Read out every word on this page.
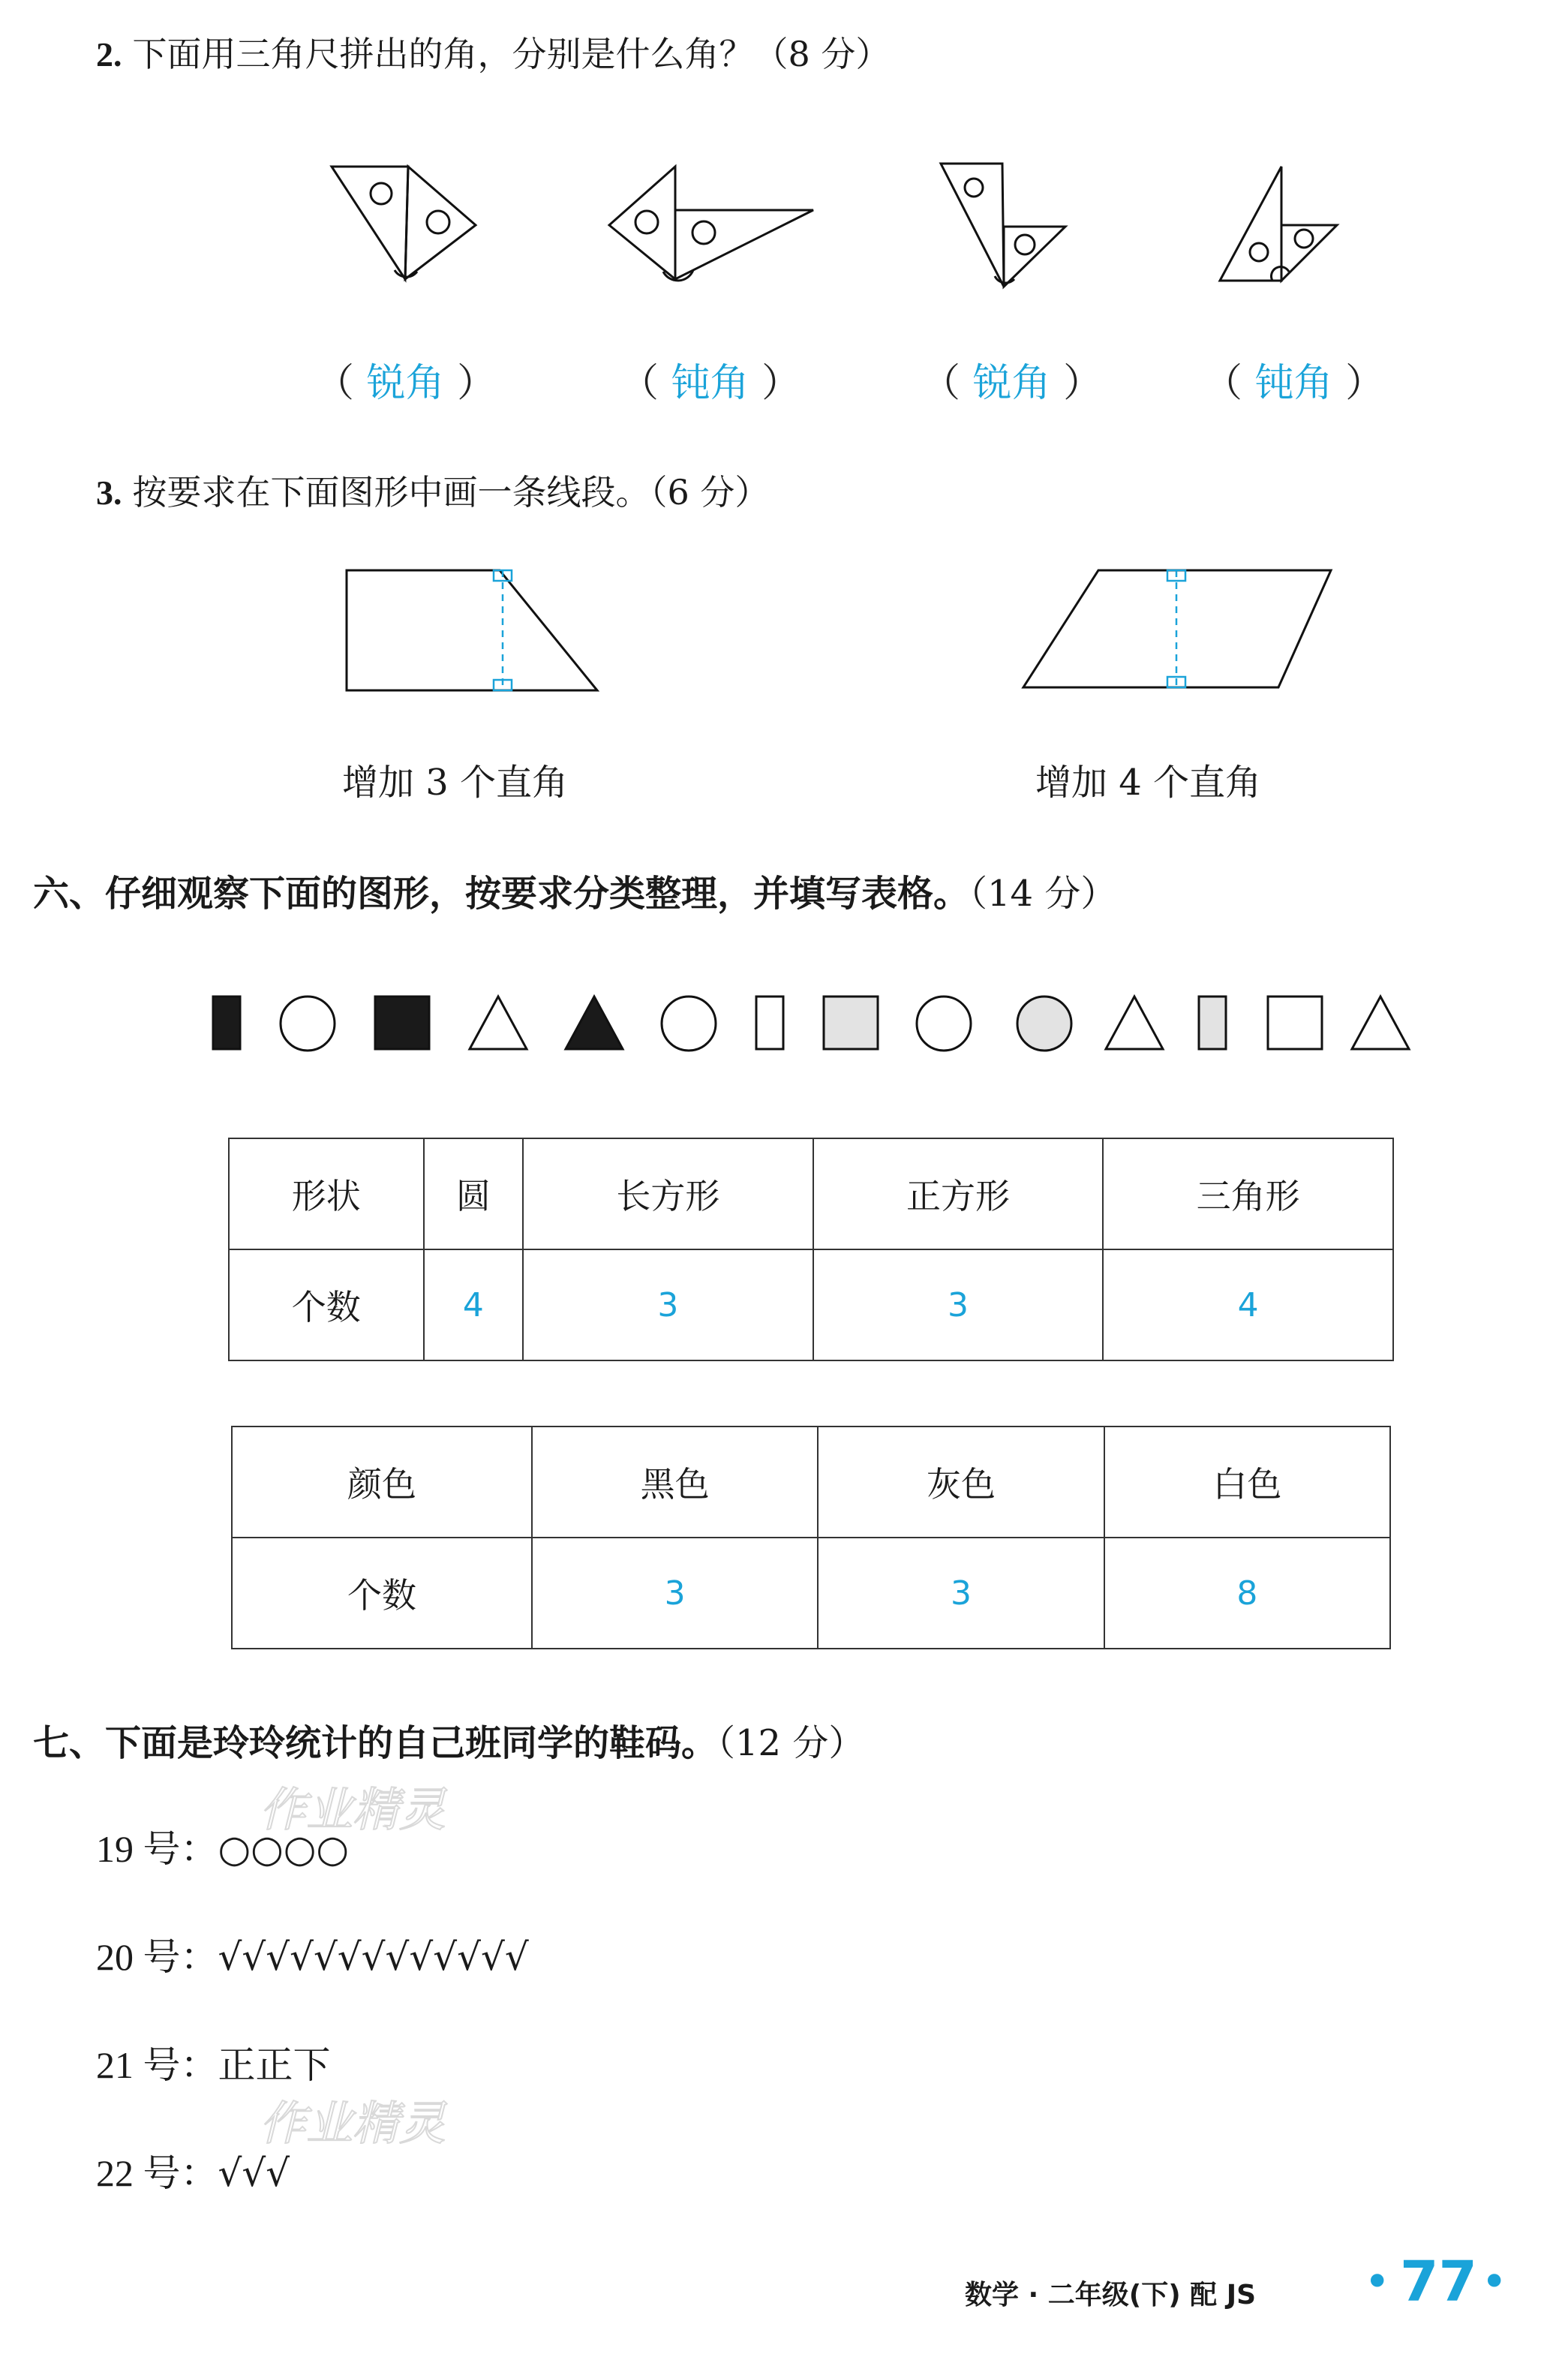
2. 下面用三角尺拼出的角，分别是什么角？（8 分）
（ 锐角 ）	（ 钝角 ）	（ 锐角 ）	（ 钝角 ）
3. 按要求在下面图形中画一条线段。（6 分）
增加 3 个直角	增加 4 个直角
六、仔细观察下面的图形，按要求分类整理，并填写表格。（14 分）
形状	圆	长方形	正方形	三角形
个数	4	3	3	4
颜色	黑色	灰色	白色
个数	3	3	8
七、下面是玲玲统计的自己班同学的鞋码。（12 分）
作业精灵
作业精灵
19 号：○○○○
20 号：√√√√√√√√√√√√√
21 号：正正下
22 号：√√√
数学 · 二年级(下) 配 JS • 77 •
